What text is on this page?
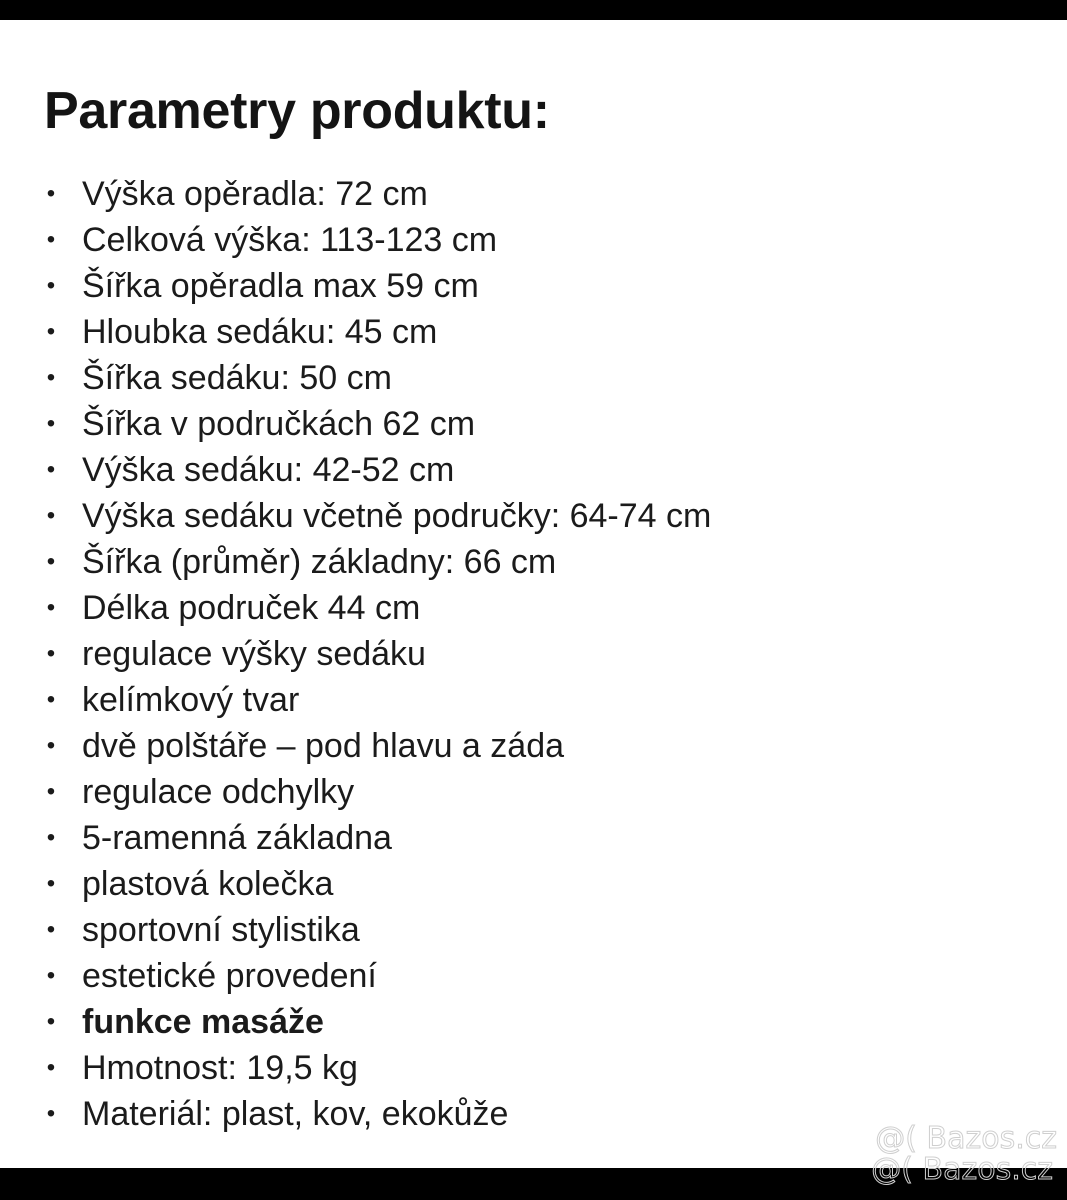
Parametry produktu:
• Výška opěradla: 72 cm
• Celková výška: 113-123 cm
• Šířka opěradla max 59 cm
• Hloubka sedáku: 45 cm
• Šířka sedáku: 50 cm
• Šířka v područkách 62 cm
• Výška sedáku: 42-52 cm
• Výška sedáku včetně područky: 64-74 cm
• Šířka (průměr) základny: 66 cm
• Délka područek 44 cm
• regulace výšky sedáku
• kelímkový tvar
• dvě polštáře – pod hlavu a záda
• regulace odchylky
• 5-ramenná základna
• plastová kolečka
• sportovní stylistika
• estetické provedení
• funkce masáže
• Hmotnost: 19,5 kg
• Materiál: plast, kov, ekokůže
@( Bazos.cz
@( Bazos.cz
